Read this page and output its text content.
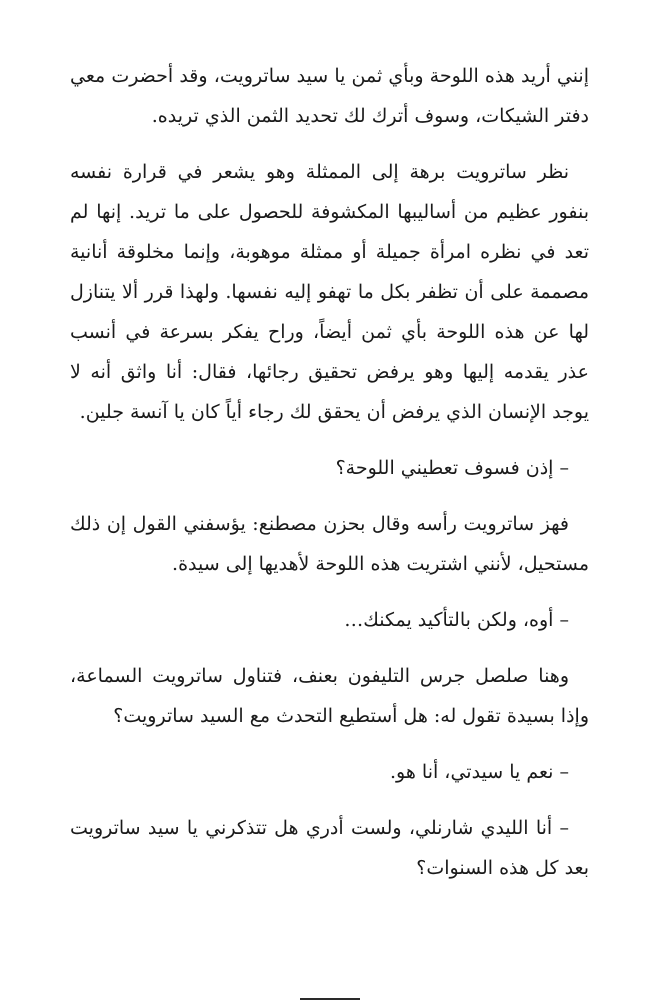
إنني أريد هذه اللوحة وبأي ثمن يا سيد ساترويت، وقد أحضرت معي دفتر الشيكات، وسوف أترك لك تحديد الثمن الذي تريده.

نظر ساترويت برهة إلى الممثلة وهو يشعر في قرارة نفسه بنفور عظيم من أساليبها المكشوفة للحصول على ما تريد. إنها لم تعد في نظره امرأة جميلة أو ممثلة موهوبة، وإنما مخلوقة أنانية مصممة على أن تظفر بكل ما تهفو إليه نفسها. ولهذا قرر ألا يتنازل لها عن هذه اللوحة بأي ثمن أيضاً، وراح يفكر بسرعة في أنسب عذر يقدمه إليها وهو يرفض تحقيق رجائها، فقال: أنا واثق أنه لا يوجد الإنسان الذي يرفض أن يحقق لك رجاء أياً كان يا آنسة جلين.

– إذن فسوف تعطيني اللوحة؟

فهز ساترويت رأسه وقال بحزن مصطنع: يؤسفني القول إن ذلك مستحيل، لأنني اشتريت هذه اللوحة لأهديها إلى سيدة.

– أوه، ولكن بالتأكيد يمكنك…

وهنا صلصل جرس التليفون بعنف، فتناول ساترويت السماعة، وإذا بسيدة تقول له: هل أستطيع التحدث مع السيد ساترويت؟

– نعم يا سيدتي، أنا هو.

– أنا الليدي شارنلي، ولست أدري هل تتذكرني يا سيد ساترويت بعد كل هذه السنوات؟
